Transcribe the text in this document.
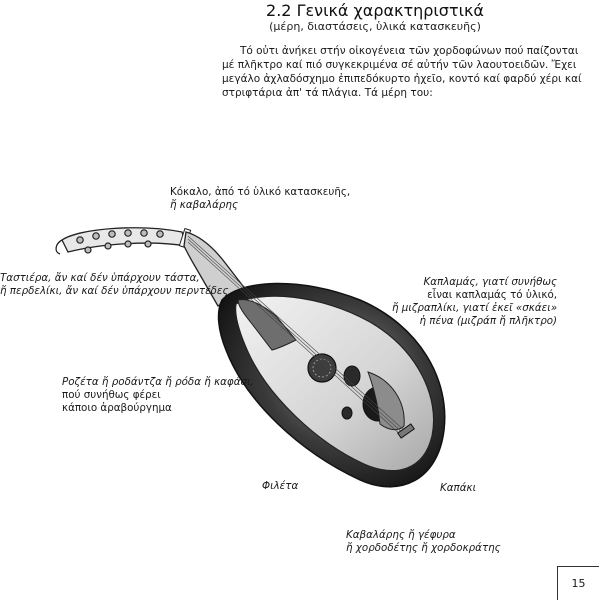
2.2 Γενικά χαρακτηριστικά
(μέρη, διαστάσεις, ὑλικά κατασκευῆς)

Τό οὐτι ἀνήκει στήν οἰκογένεια τῶν χορδοφώνων πού παίζονται μέ πλῆκτρο καί πιό συγκεκριμένα σέ αὐτήν τῶν λαουτοειδῶν. Ἔχει μεγάλο ἀχλαδόσχημο ἐπιπεδόκυρτο ἠχεῖο, κοντό καί φαρδύ χέρι καί στριφτάρια ἀπ' τά πλάγια. Τά μέρη του:

Κόκαλο, ἀπό τό ὑλικό κατασκευῆς,
ἤ καβαλάρης
Ταστιέρα, ἄν καί δέν ὑπάρχουν τάστα,
ἤ περδελίκι, ἄν καί δέν ὑπάρχουν περντέδες
Καπλαμάς, γιατί συνήθως
εἶναι καπλαμάς τό ὑλικό,
ἤ μιζραπλίκι, γιατί ἐκεῖ «σκάει»
ἡ πένα (μιζράπ ἤ πλῆκτρο)
Ροζέτα ἤ ροδάντζα ἤ ρόδα ἤ καφάσι,
πού συνήθως φέρει
κάποιο ἀραβούργημα
Φιλέτα	Καπάκι
Καβαλάρης ἤ γέφυρα
ἤ χορδοδέτης ἤ χορδοκράτης
15
